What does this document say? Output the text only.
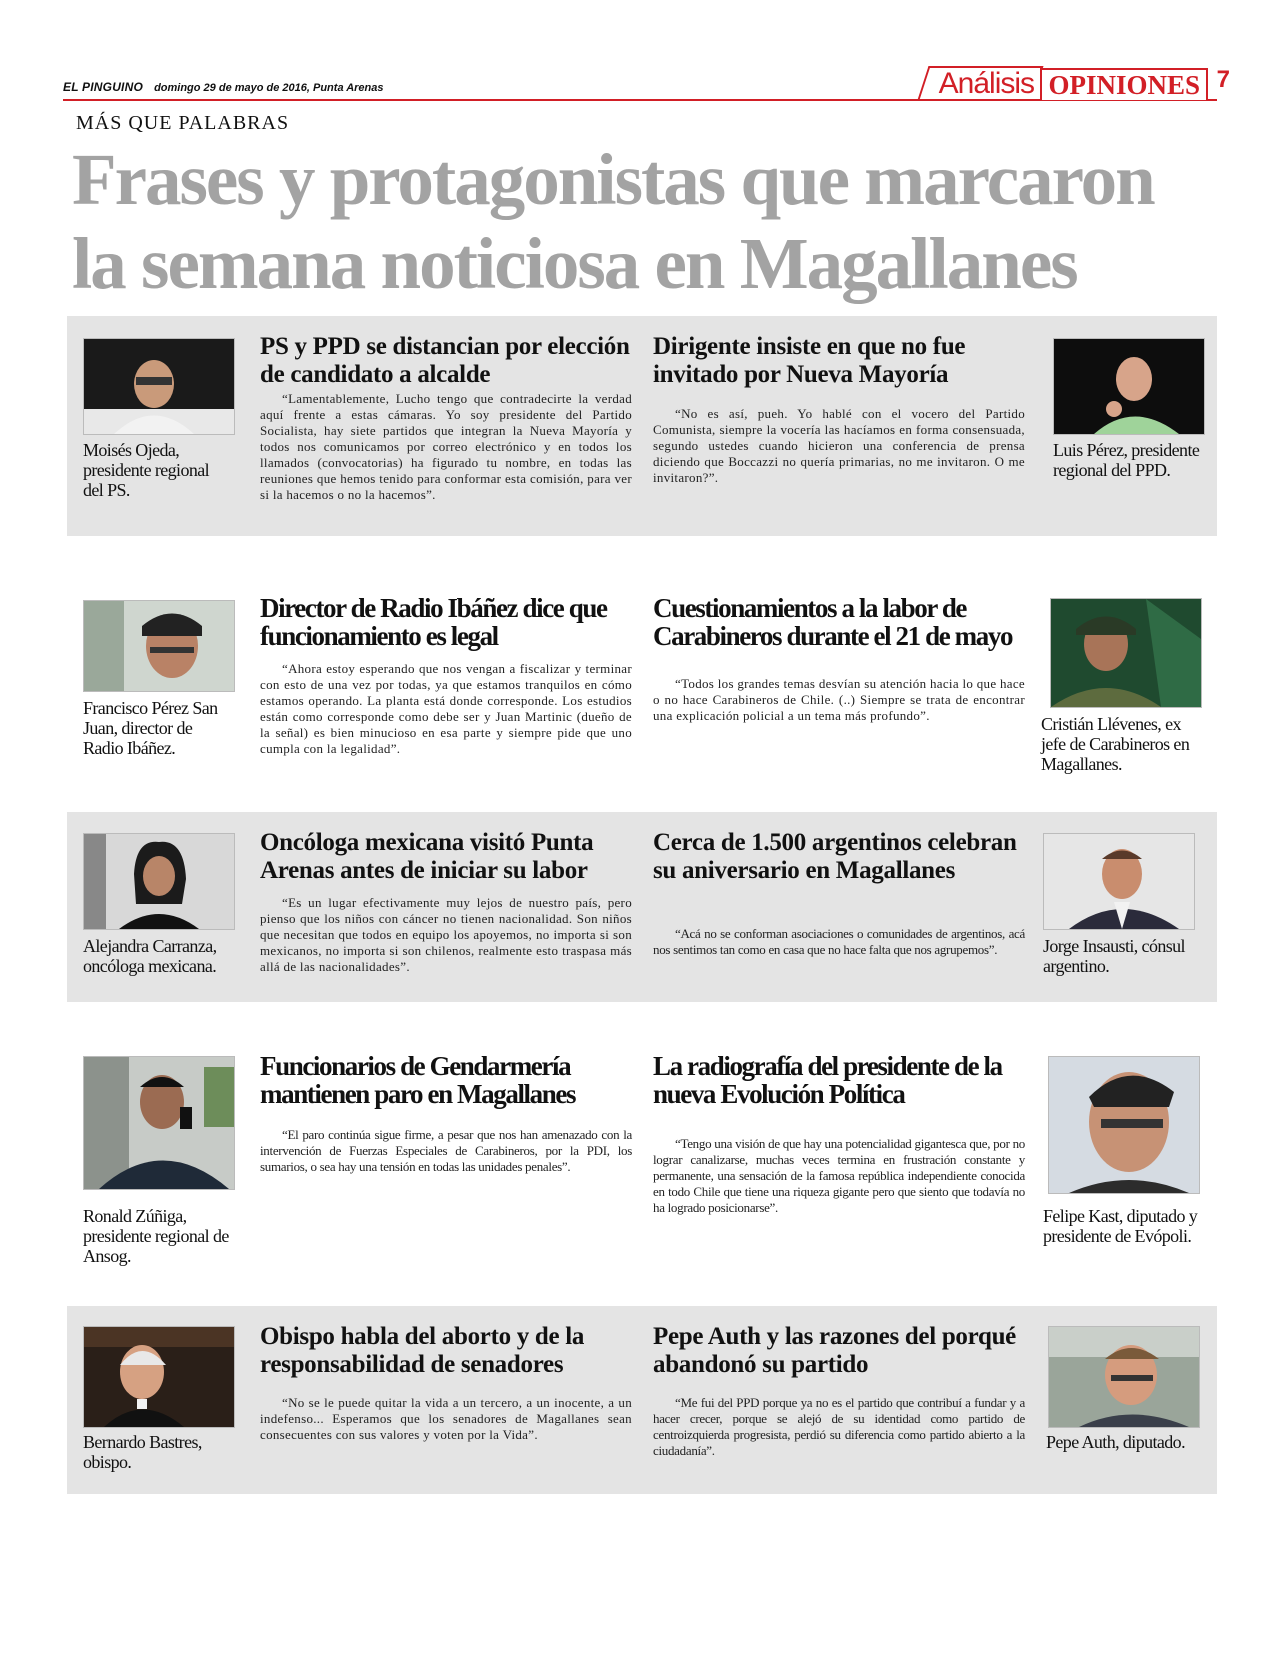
EL PINGUINO domingo 29 de mayo de 2016, Punta Arenas	Análisis OPINIONES 7
MÁS QUE PALABRAS
Frases y protagonistas que marcaron
la semana noticiosa en Magallanes
Moisés Ojeda, presidente regional del PS.
PS y PPD se distancian por elección de candidato a alcalde
“Lamentablemente, Lucho tengo que contradecirte la verdad aquí frente a estas cámaras. Yo soy presidente del Partido Socialista, hay siete partidos que integran la Nueva Mayoría y todos nos comunicamos por correo electrónico y en todos los llamados (convocatorias) ha figurado tu nombre, en todas las reuniones que hemos tenido para conformar esta comisión, para ver si la hacemos o no la hacemos”.
Dirigente insiste en que no fue invitado por Nueva Mayoría
“No es así, pueh. Yo hablé con el vocero del Partido Comunista, siempre la vocería las hacíamos en forma consensuada, segundo ustedes cuando hicieron una conferencia de prensa diciendo que Boccazzi no quería primarias, no me invitaron. O me invitaron?”.
Luis Pérez, presidente regional del PPD.
Francisco Pérez San Juan, director de Radio Ibáñez.
Director de Radio Ibáñez dice que funcionamiento es legal
“Ahora estoy esperando que nos vengan a fiscalizar y terminar con esto de una vez por todas, ya que estamos tranquilos en cómo estamos operando. La planta está donde corresponde. Los estudios están como corresponde como debe ser y Juan Martinic (dueño de la señal) es bien minucioso en esa parte y siempre pide que uno cumpla con la legalidad”.
Cuestionamientos a la labor de Carabineros durante el 21 de mayo
“Todos los grandes temas desvían su atención hacia lo que hace o no hace Carabineros de Chile. (..) Siempre se trata de encontrar una explicación policial a un tema más profundo”.	Cristián Llévenes, ex jefe de Carabineros en Magallanes.
Alejandra Carranza, oncóloga mexicana.
Oncóloga mexicana visitó Punta Arenas antes de iniciar su labor
“Es un lugar efectivamente muy lejos de nuestro país, pero pienso que los niños con cáncer no tienen nacionalidad. Son niños que necesitan que todos en equipo los apoyemos, no importa si son mexicanos, no importa si son chilenos, realmente esto traspasa más allá de las nacionalidades”.
Cerca de 1.500 argentinos celebran su aniversario en Magallanes
“Acá no se conforman asociaciones o comunidades de argentinos, acá nos sentimos tan como en casa que no hace falta que nos agrupemos”.	Jorge Insausti, cónsul argentino.
Ronald Zúñiga, presidente regional de Ansog.
Funcionarios de Gendarmería mantienen paro en Magallanes
“El paro continúa sigue firme, a pesar que nos han amenazado con la intervención de Fuerzas Especiales de Carabineros, por la PDI, los sumarios, o sea hay una tensión en todas las unidades penales”.
La radiografía del presidente de la nueva Evolución Política
“Tengo una visión de que hay una potencialidad gigantesca que, por no lograr canalizarse, muchas veces termina en frustración constante y permanente, una sensación de la famosa república independiente conocida en todo Chile que tiene una riqueza gigante pero que siento que todavía no ha logrado posicionarse”.	Felipe Kast, diputado y presidente de Evópoli.
Bernardo Bastres, obispo.
Obispo habla del aborto y de la responsabilidad de senadores
“No se le puede quitar la vida a un tercero, a un inocente, a un indefenso... Esperamos que los senadores de Magallanes sean consecuentes con sus valores y voten por la Vida”.
Pepe Auth y las razones del porqué abandonó su partido
“Me fui del PPD porque ya no es el partido que contribuí a fundar y a hacer crecer, porque se alejó de su identidad como partido de centroizquierda progresista, perdió su diferencia como partido abierto a la ciudadanía”.	Pepe Auth, diputado.
